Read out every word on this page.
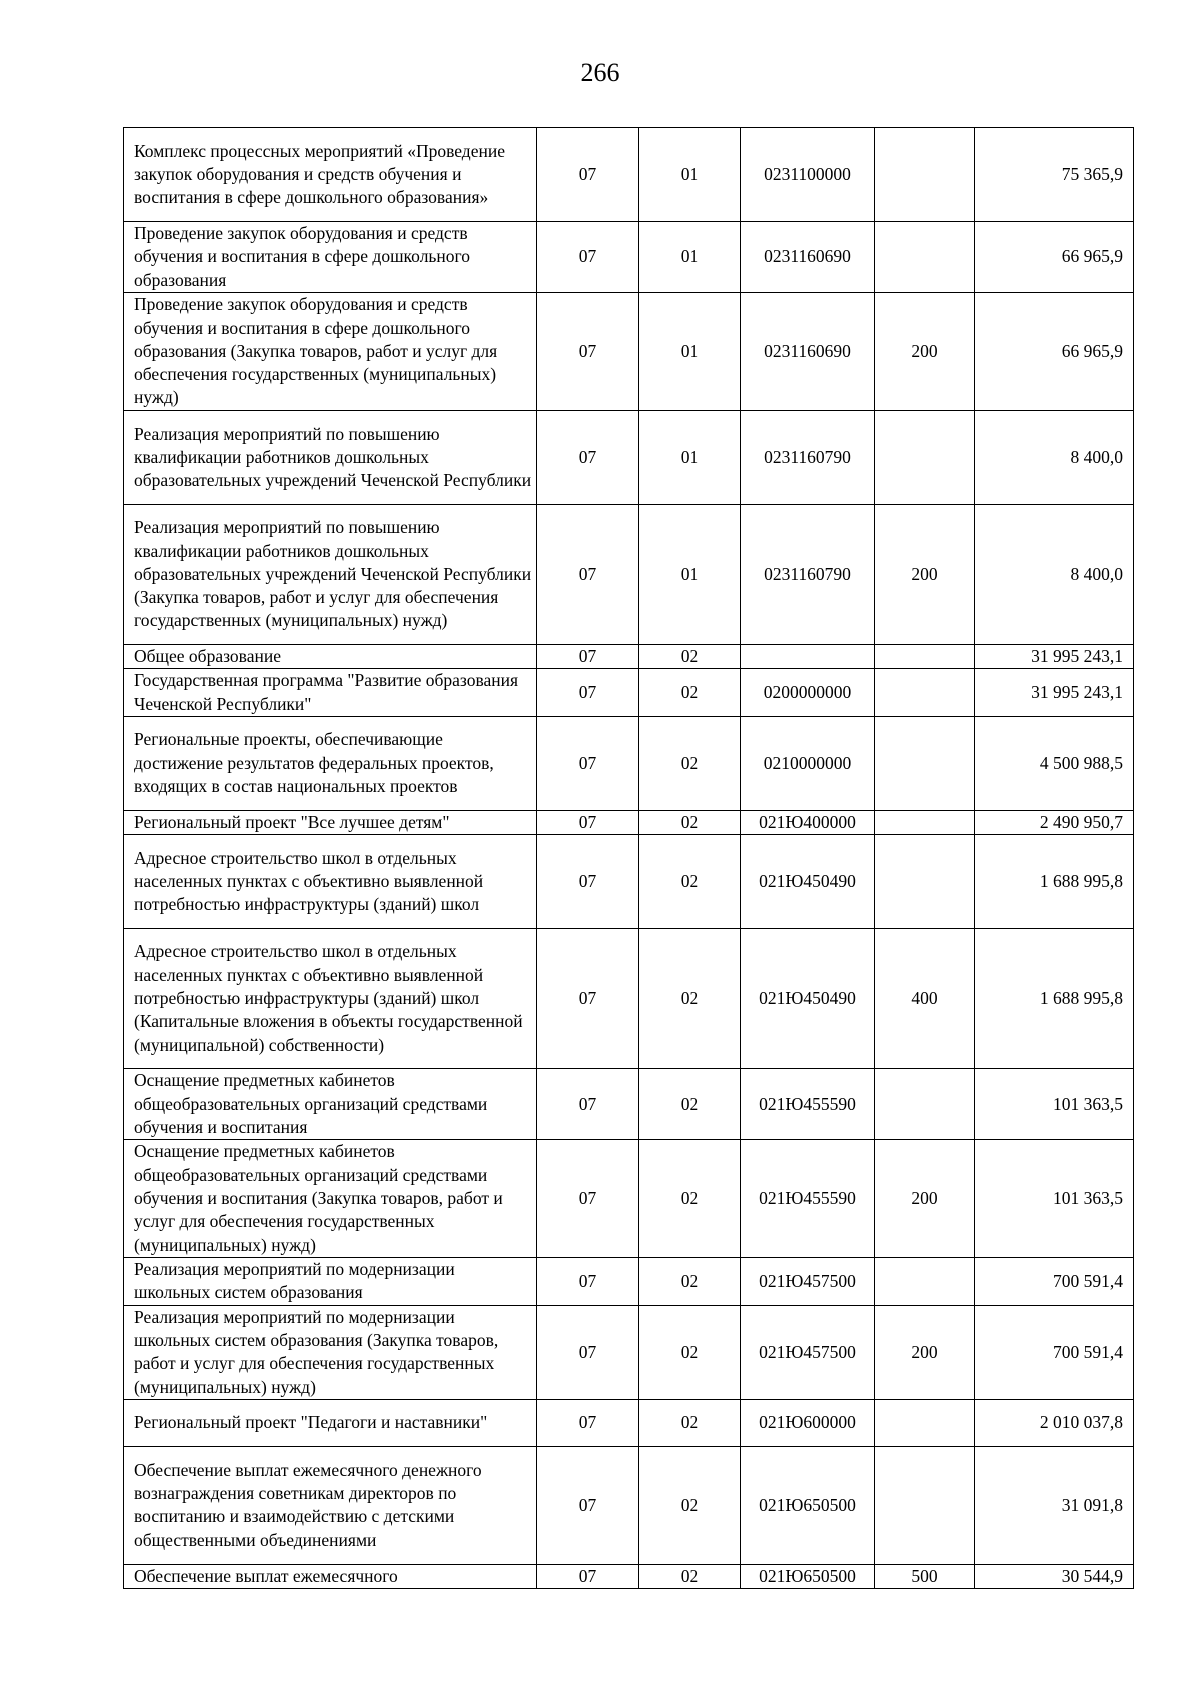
266
Комплекс процессных мероприятий «Проведение закупок оборудования и средств обучения и воспитания в сфере дошкольного образования»	07	01	0231100000		75 365,9
Проведение закупок оборудования и средств обучения и воспитания в сфере дошкольного образования	07	01	0231160690		66 965,9
Проведение закупок оборудования и средств обучения и воспитания в сфере дошкольного образования (Закупка товаров, работ и услуг для обеспечения государственных (муниципальных) нужд)	07	01	0231160690	200	66 965,9
Реализация мероприятий по повышению квалификации работников дошкольных образовательных учреждений Чеченской Республики	07	01	0231160790		8 400,0
Реализация мероприятий по повышению квалификации работников дошкольных образовательных учреждений Чеченской Республики (Закупка товаров, работ и услуг для обеспечения государственных (муниципальных) нужд)	07	01	0231160790	200	8 400,0
Общее образование	07	02			31 995 243,1
Государственная программа "Развитие образования Чеченской Республики"	07	02	0200000000		31 995 243,1
Региональные проекты, обеспечивающие достижение результатов федеральных проектов, входящих в состав национальных проектов	07	02	0210000000		4 500 988,5
Региональный проект "Все лучшее детям"	07	02	021Ю400000		2 490 950,7
Адресное строительство школ в отдельных населенных пунктах с объективно выявленной потребностью инфраструктуры (зданий) школ	07	02	021Ю450490		1 688 995,8
Адресное строительство школ в отдельных населенных пунктах с объективно выявленной потребностью инфраструктуры (зданий) школ (Капитальные вложения в объекты государственной (муниципальной) собственности)	07	02	021Ю450490	400	1 688 995,8
Оснащение предметных кабинетов общеобразовательных организаций средствами обучения и воспитания	07	02	021Ю455590		101 363,5
Оснащение предметных кабинетов общеобразовательных организаций средствами обучения и воспитания (Закупка товаров, работ и услуг для обеспечения государственных (муниципальных) нужд)	07	02	021Ю455590	200	101 363,5
Реализация мероприятий по модернизации школьных систем образования	07	02	021Ю457500		700 591,4
Реализация мероприятий по модернизации школьных систем образования (Закупка товаров, работ и услуг для обеспечения государственных (муниципальных) нужд)	07	02	021Ю457500	200	700 591,4
Региональный проект "Педагоги и наставники"	07	02	021Ю600000		2 010 037,8
Обеспечение выплат ежемесячного денежного вознаграждения советникам директоров по воспитанию и взаимодействию с детскими общественными объединениями	07	02	021Ю650500		31 091,8
Обеспечение выплат ежемесячного	07	02	021Ю650500	500	30 544,9
